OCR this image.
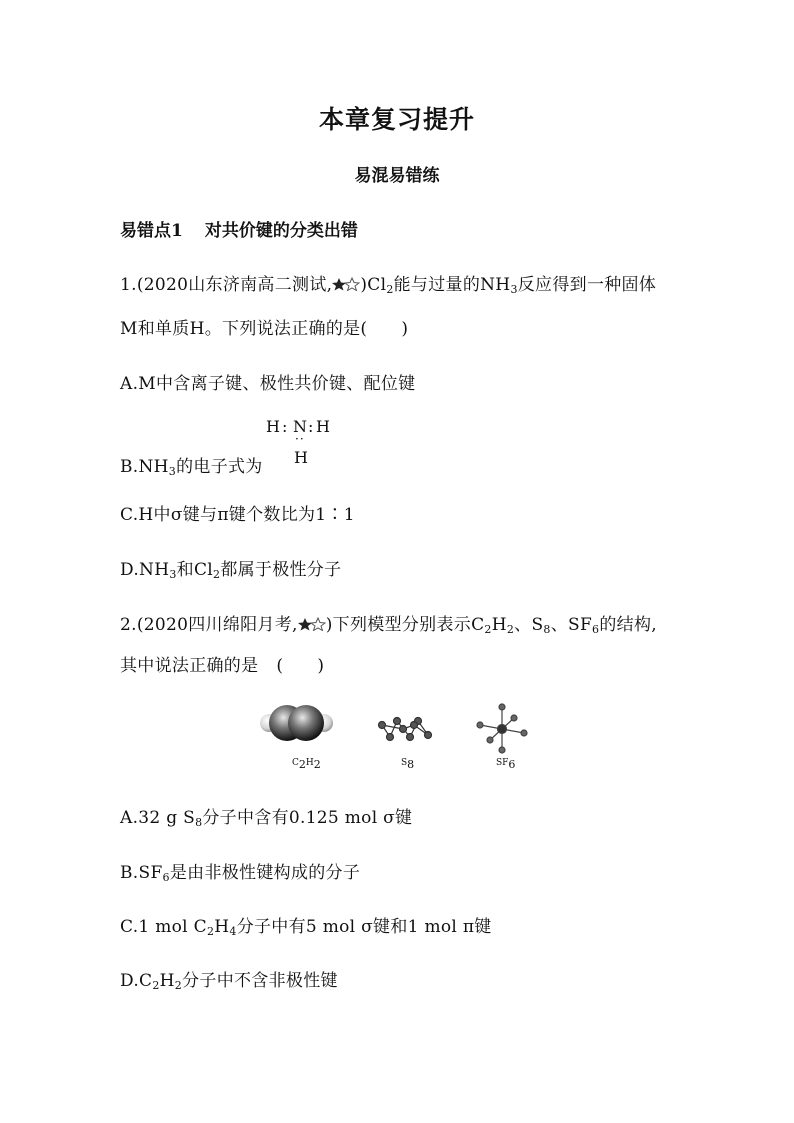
本章复习提升
易混易错练
易错点1 对共价键的分类出错
1.(2020山东济南高二测试, )$Cl_2$能与过量的$NH_3$反应得到一种固体
M和单质H。下列说法正确的是( )
A.M中含离子键、极性共价键、配位键
H : N : H
··
H
$B.NH_3$的电子式为
C.H中σ键与π键个数比为1∶1
$D.NH_3$和$Cl_2$都属于极性分子
2.(2020四川绵阳月考, )下列模型分别表示$C_2H_2$、$S_8$、$SF_6$的结构,
其中说法正确的是 ( )
$C_2H_2$	$S_8$	$SF_6$
A.32 g $S_8$分子中含有0.125 mol σ键
$B.SF_6$是由非极性键构成的分子
C.1 mol $C_2H_4$分子中有5 mol σ键和1 mol π键
$D.C_2H_2$分子中不含非极性键
